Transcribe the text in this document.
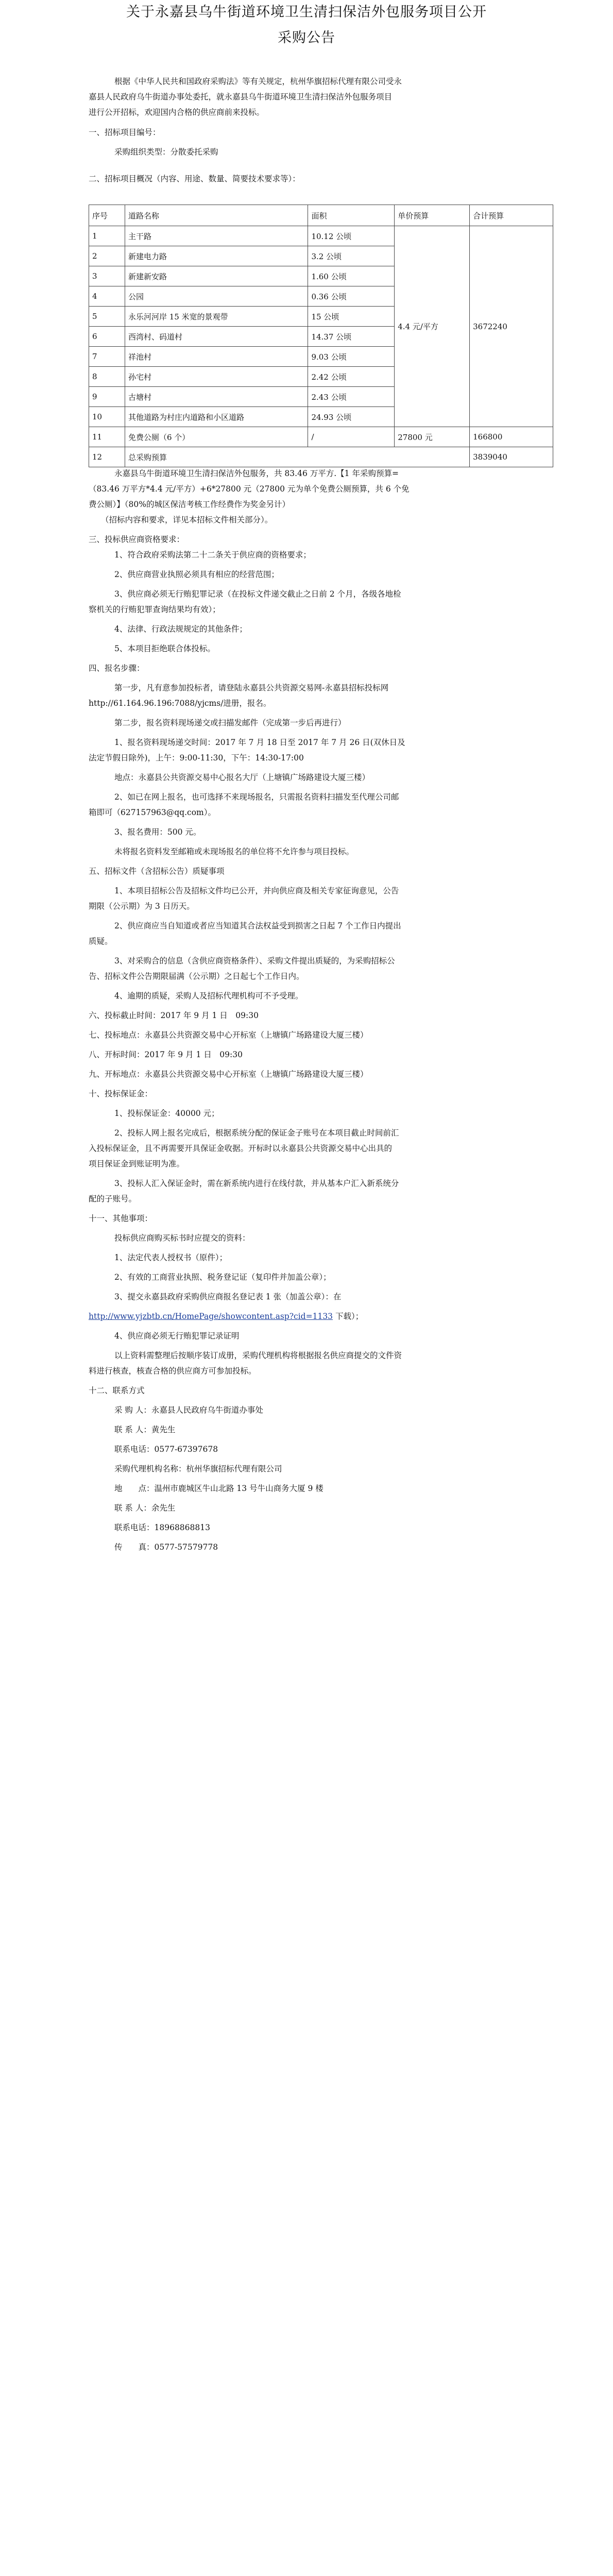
关于永嘉县乌牛街道环境卫生清扫保洁外包服务项目公开
采购公告
根据《中华人民共和国政府采购法》等有关规定，杭州华旗招标代理有限公司受永
嘉县人民政府乌牛街道办事处委托，就永嘉县乌牛街道环境卫生清扫保洁外包服务项目
进行公开招标，欢迎国内合格的供应商前来投标。
一、招标项目编号：
采购组织类型：分散委托采购
二、招标项目概况（内容、用途、数量、简要技术要求等）：
序号	道路名称	面积	单价预算	合计预算
1	主干路	10.12 公顷	4.4 元/平方	3672240
2	新建电力路	3.2 公顷		
3	新建新安路	1.60 公顷		
4	公园	0.36 公顷		
5	永乐河河岸 15 米宽的景观带	15 公顷		
6	西湾村、码道村	14.37 公顷		
7	祥池村	9.03 公顷		
8	孙宅村	2.42 公顷		
9	古塘村	2.43 公顷		
10	其他道路为村庄内道路和小区道路	24.93 公顷		
11	免费公厕（6 个）	/	27800 元	166800
12	总采购预算			3839040
永嘉县乌牛街道环境卫生清扫保洁外包服务，共 83.46 万平方.【1 年采购预算=
（83.46 万平方*4.4 元/平方）+6*27800 元（27800 元为单个免费公厕预算，共 6 个免
费公厕）】（80%的城区保洁考核工作经费作为奖金另计）
（招标内容和要求，详见本招标文件相关部分）。
三、投标供应商资格要求：
1、符合政府采购法第二十二条关于供应商的资格要求；
2、供应商营业执照必须具有相应的经营范围；
3、供应商必须无行贿犯罪记录（在投标文件递交截止之日前 2 个月，各级各地检
察机关的行贿犯罪查询结果均有效）；
4、法律、行政法规规定的其他条件；
5、本项目拒绝联合体投标。
四、报名步骤：
第一步，凡有意参加投标者，请登陆永嘉县公共资源交易网-永嘉县招标投标网
http://61.164.96.196:7088/yjcms/进册，报名。
第二步，报名资料现场递交或扫描发邮件（完成第一步后再进行）
1、报名资料现场递交时间：2017 年 7 月 18 日至 2017 年 7 月 26 日(双休日及
法定节假日除外)，上午：9:00-11:30，下午：14:30-17:00
地点：永嘉县公共资源交易中心报名大厅（上塘镇广场路建设大厦三楼）
2、如已在网上报名，也可选择不来现场报名，只需报名资料扫描发至代理公司邮
箱即可（627157963@qq.com）。
3、报名费用：500 元。
未将报名资料发至邮箱或未现场报名的单位将不允许参与项目投标。
五、招标文件（含招标公告）质疑事项
1、本项目招标公告及招标文件均已公开，并向供应商及相关专家征询意见，公告
期限（公示期）为 3 日历天。
2、供应商应当自知道或者应当知道其合法权益受到损害之日起 7 个工作日内提出
质疑。
3、对采购合的信息（含供应商资格条件）、采购文件提出质疑的，为采购招标公
告、招标文件公告期限届满（公示期）之日起七个工作日内。
4、逾期的质疑，采购人及招标代理机构可不予受理。
六、投标截止时间：2017 年 9 月 1 日　09:30
七、投标地点：永嘉县公共资源交易中心开标室（上塘镇广场路建设大厦三楼）
八、开标时间：2017 年 9 月 1 日　09:30
九、开标地点：永嘉县公共资源交易中心开标室（上塘镇广场路建设大厦三楼）
十、投标保证金：
1、投标保证金：40000 元；
2、投标人网上报名完成后，根据系统分配的保证金子账号在本项目截止时间前汇
入投标保证金，且不再需要开具保证金收据。开标时以永嘉县公共资源交易中心出具的
项目保证金到账证明为准。
3、投标人汇入保证金时，需在新系统内进行在线付款，并从基本户汇入新系统分
配的子账号。
十一、其他事项：
投标供应商购买标书时应提交的资料：
1、法定代表人授权书（原件）；
2、有效的工商营业执照、税务登记证（复印件并加盖公章）；
3、提交永嘉县政府采购供应商报名登记表 1 张（加盖公章）：在
http://www.yjzbtb.cn/HomePage/showcontent.asp?cid=1133 下载）；
4、供应商必须无行贿犯罪记录证明
以上资料需整理后按顺序装订成册，采购代理机构将根据报名供应商提交的文件资
料进行核查，核查合格的供应商方可参加投标。
十二、联系方式
采 购 人：永嘉县人民政府乌牛街道办事处
联 系 人：黄先生
联系电话：0577-67397678
采购代理机构名称：杭州华旗招标代理有限公司
地　　点：温州市鹿城区牛山北路 13 号牛山商务大厦 9 楼
联 系 人：余先生
联系电话：18968868813
传　　真：0577-57579778
